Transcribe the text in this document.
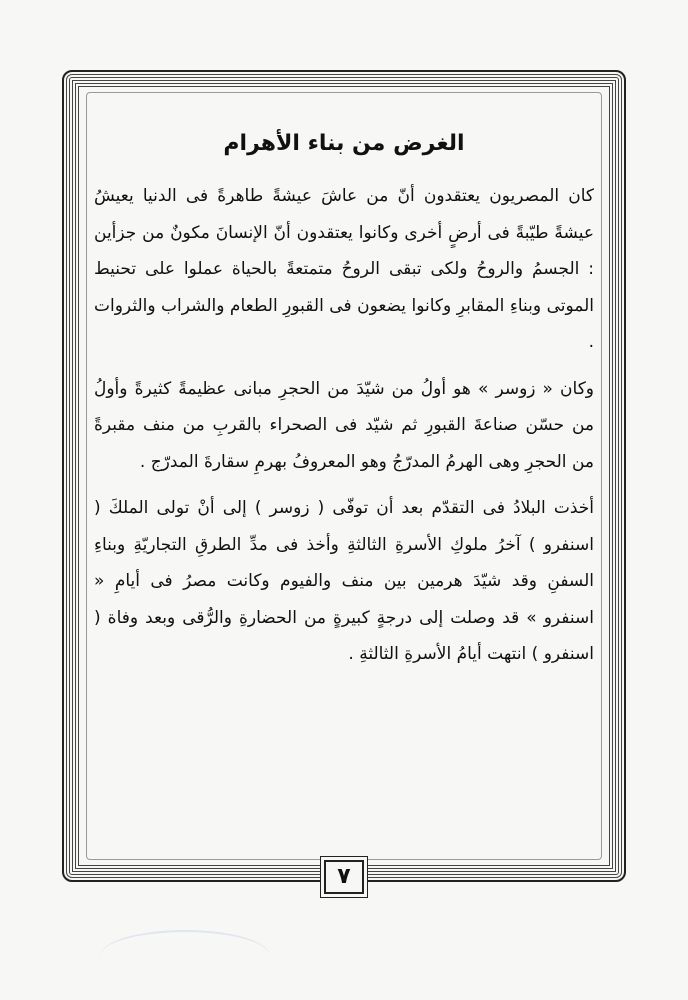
الغرض من بناء الأهرام

كان المصريون يعتقدون أنّ من عاشَ عيشةً طاهرةً فى الدنيا يعيشُ عيشةً طيّبةً فى أرضٍ أخرى وكانوا يعتقدون أنّ الإنسانَ مكونٌ من جزأين : الجسمُ والروحُ ولكى تبقى الروحُ متمتعةً بالحياة عملوا على تحنيط الموتى وبناءِ المقابرِ وكانوا يضعون فى القبورِ الطعام والشراب والثروات .

وكان « زوسر » هو أولُ من شيّدَ من الحجرِ مبانى عظيمةً كثيرةً وأولُ من حسّن صناعةَ القبورِ ثم شيّد فى الصحراء بالقربِ من منف مقبرةً من الحجرِ وهى الهرمُ المدرّجُ وهو المعروفُ بهرمِ سقارةَ المدرّج .

أخذت البلادُ فى التقدّم بعد أن توفّى ( زوسر ) إلى أنْ تولى الملكَ ( اسنفرو ) آخرُ ملوكِ الأسرةِ الثالثةِ وأخذ فى مدِّ الطرقِ التجاريّةِ وبناءِ السفنِ وقد شيّدَ هرمين بين منف والفيوم وكانت مصرُ فى أيامِ « اسنفرو » قد وصلت إلى درجةٍ كبيرةٍ من الحضارةِ والرُّقى وبعد وفاة ( اسنفرو ) انتهت أيامُ الأسرةِ الثالثةِ .

٧
